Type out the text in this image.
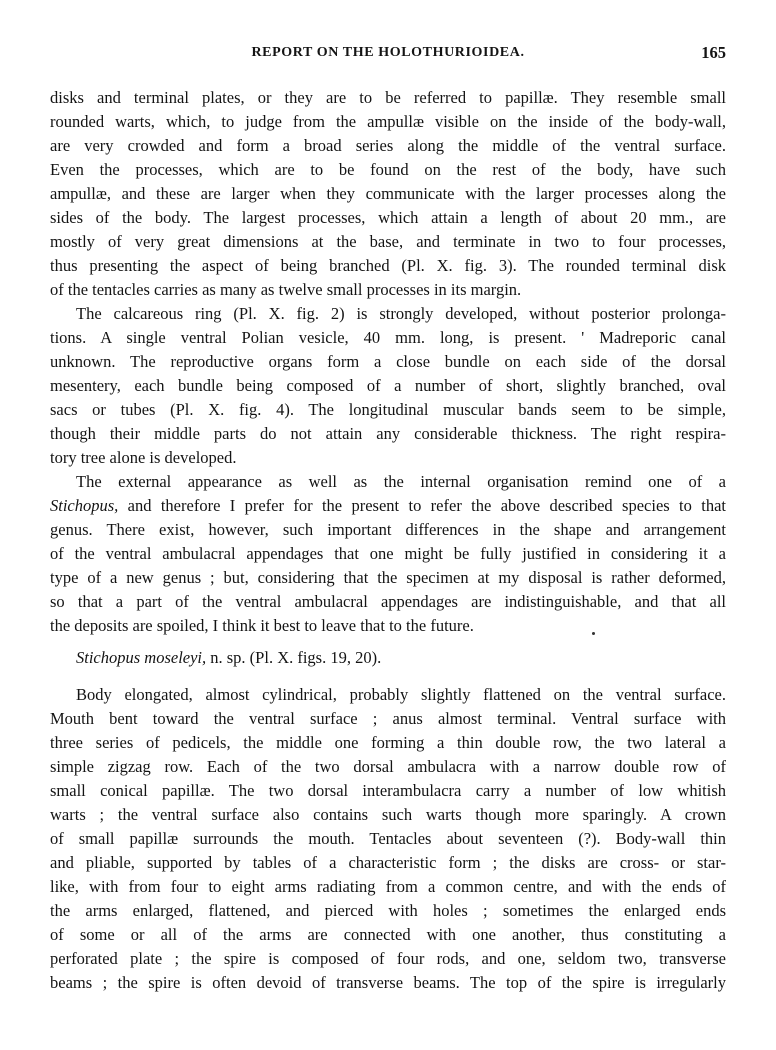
REPORT ON THE HOLOTHURIOIDEA.	165
disks and terminal plates, or they are to be referred to papillæ. They resemble small
rounded warts, which, to judge from the ampullæ visible on the inside of the body-wall,
are very crowded and form a broad series along the middle of the ventral surface.
Even the processes, which are to be found on the rest of the body, have such
ampullæ, and these are larger when they communicate with the larger processes along the
sides of the body. The largest processes, which attain a length of about 20 mm., are
mostly of very great dimensions at the base, and terminate in two to four processes,
thus presenting the aspect of being branched (Pl. X. fig. 3). The rounded terminal disk
of the tentacles carries as many as twelve small processes in its margin.
The calcareous ring (Pl. X. fig. 2) is strongly developed, without posterior prolonga-
tions. A single ventral Polian vesicle, 40 mm. long, is present. ' Madreporic canal
unknown. The reproductive organs form a close bundle on each side of the dorsal
mesentery, each bundle being composed of a number of short, slightly branched, oval
sacs or tubes (Pl. X. fig. 4). The longitudinal muscular bands seem to be simple,
though their middle parts do not attain any considerable thickness. The right respira-
tory tree alone is developed.
The external appearance as well as the internal organisation remind one of a
Stichopus, and therefore I prefer for the present to refer the above described species to that
genus. There exist, however, such important differences in the shape and arrangement
of the ventral ambulacral appendages that one might be fully justified in considering it a
type of a new genus ; but, considering that the specimen at my disposal is rather deformed,
so that a part of the ventral ambulacral appendages are indistinguishable, and that all
the deposits are spoiled, I think it best to leave that to the future.
Stichopus moseleyi, n. sp. (Pl. X. figs. 19, 20).
Body elongated, almost cylindrical, probably slightly flattened on the ventral surface.
Mouth bent toward the ventral surface ; anus almost terminal. Ventral surface with
three series of pedicels, the middle one forming a thin double row, the two lateral a
simple zigzag row. Each of the two dorsal ambulacra with a narrow double row of
small conical papillæ. The two dorsal interambulacra carry a number of low whitish
warts ; the ventral surface also contains such warts though more sparingly. A crown
of small papillæ surrounds the mouth. Tentacles about seventeen (?). Body-wall thin
and pliable, supported by tables of a characteristic form ; the disks are cross- or star-
like, with from four to eight arms radiating from a common centre, and with the ends of
the arms enlarged, flattened, and pierced with holes ; sometimes the enlarged ends
of some or all of the arms are connected with one another, thus constituting a
perforated plate ; the spire is composed of four rods, and one, seldom two, transverse
beams ; the spire is often devoid of transverse beams. The top of the spire is irregularly
